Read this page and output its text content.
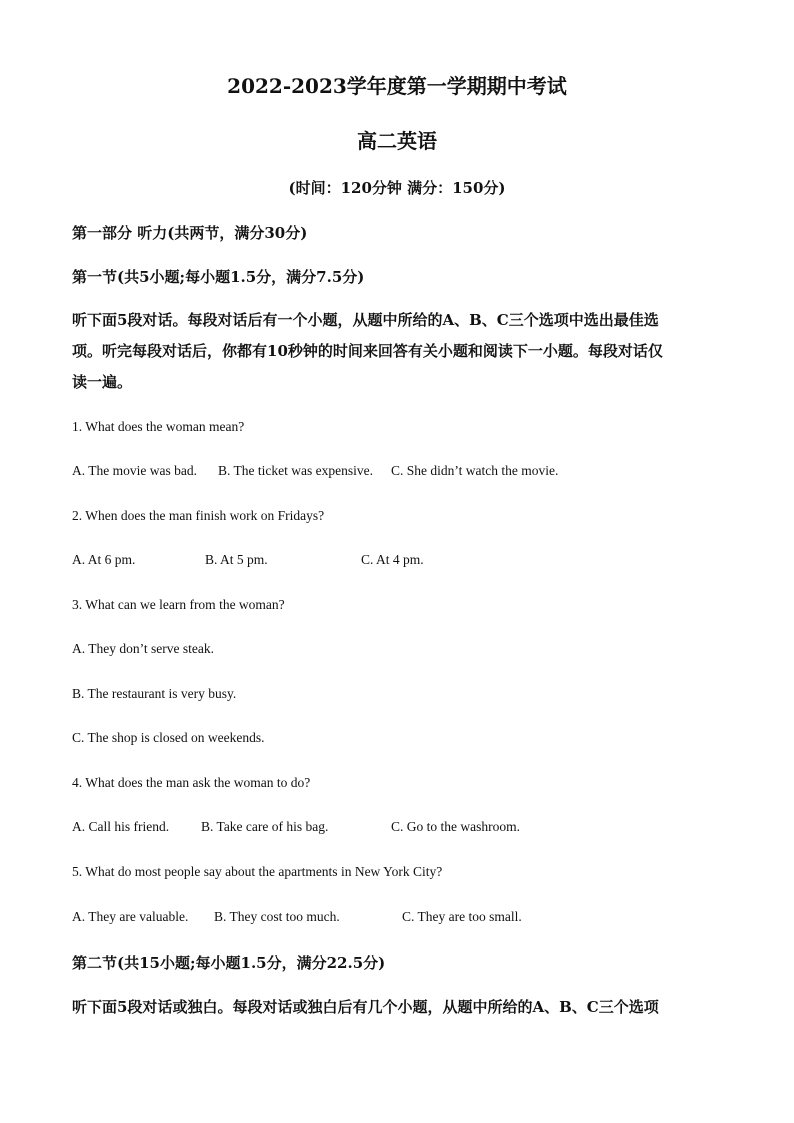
2022-2023学年度第一学期期中考试
高二英语
(时间：120分钟 满分：150分)
第一部分 听力(共两节，满分30分)
第一节(共5小题;每小题1.5分，满分7.5分)
听下面5段对话。每段对话后有一个小题，从题中所给的A、B、C三个选项中选出最佳选
项。听完每段对话后，你都有10秒钟的时间来回答有关小题和阅读下一小题。每段对话仅
读一遍。
1. What does the woman mean?
A. The movie was bad. B. The ticket was expensive. C. She didn’t watch the movie.
2. When does the man finish work on Fridays?
A. At 6 pm.	B. At 5 pm.	C. At 4 pm.
3. What can we learn from the woman?
A. They don’t serve steak.
B. The restaurant is very busy.
C. The shop is closed on weekends.
4. What does the man ask the woman to do?
A. Call his friend. B. Take care of his bag.	C. Go to the washroom.
5. What do most people say about the apartments in New York City?
A. They are valuable. B. They cost too much.	C. They are too small.
第二节(共15小题;每小题1.5分，满分22.5分)
听下面5段对话或独白。每段对话或独白后有几个小题，从题中所给的A、B、C三个选项
